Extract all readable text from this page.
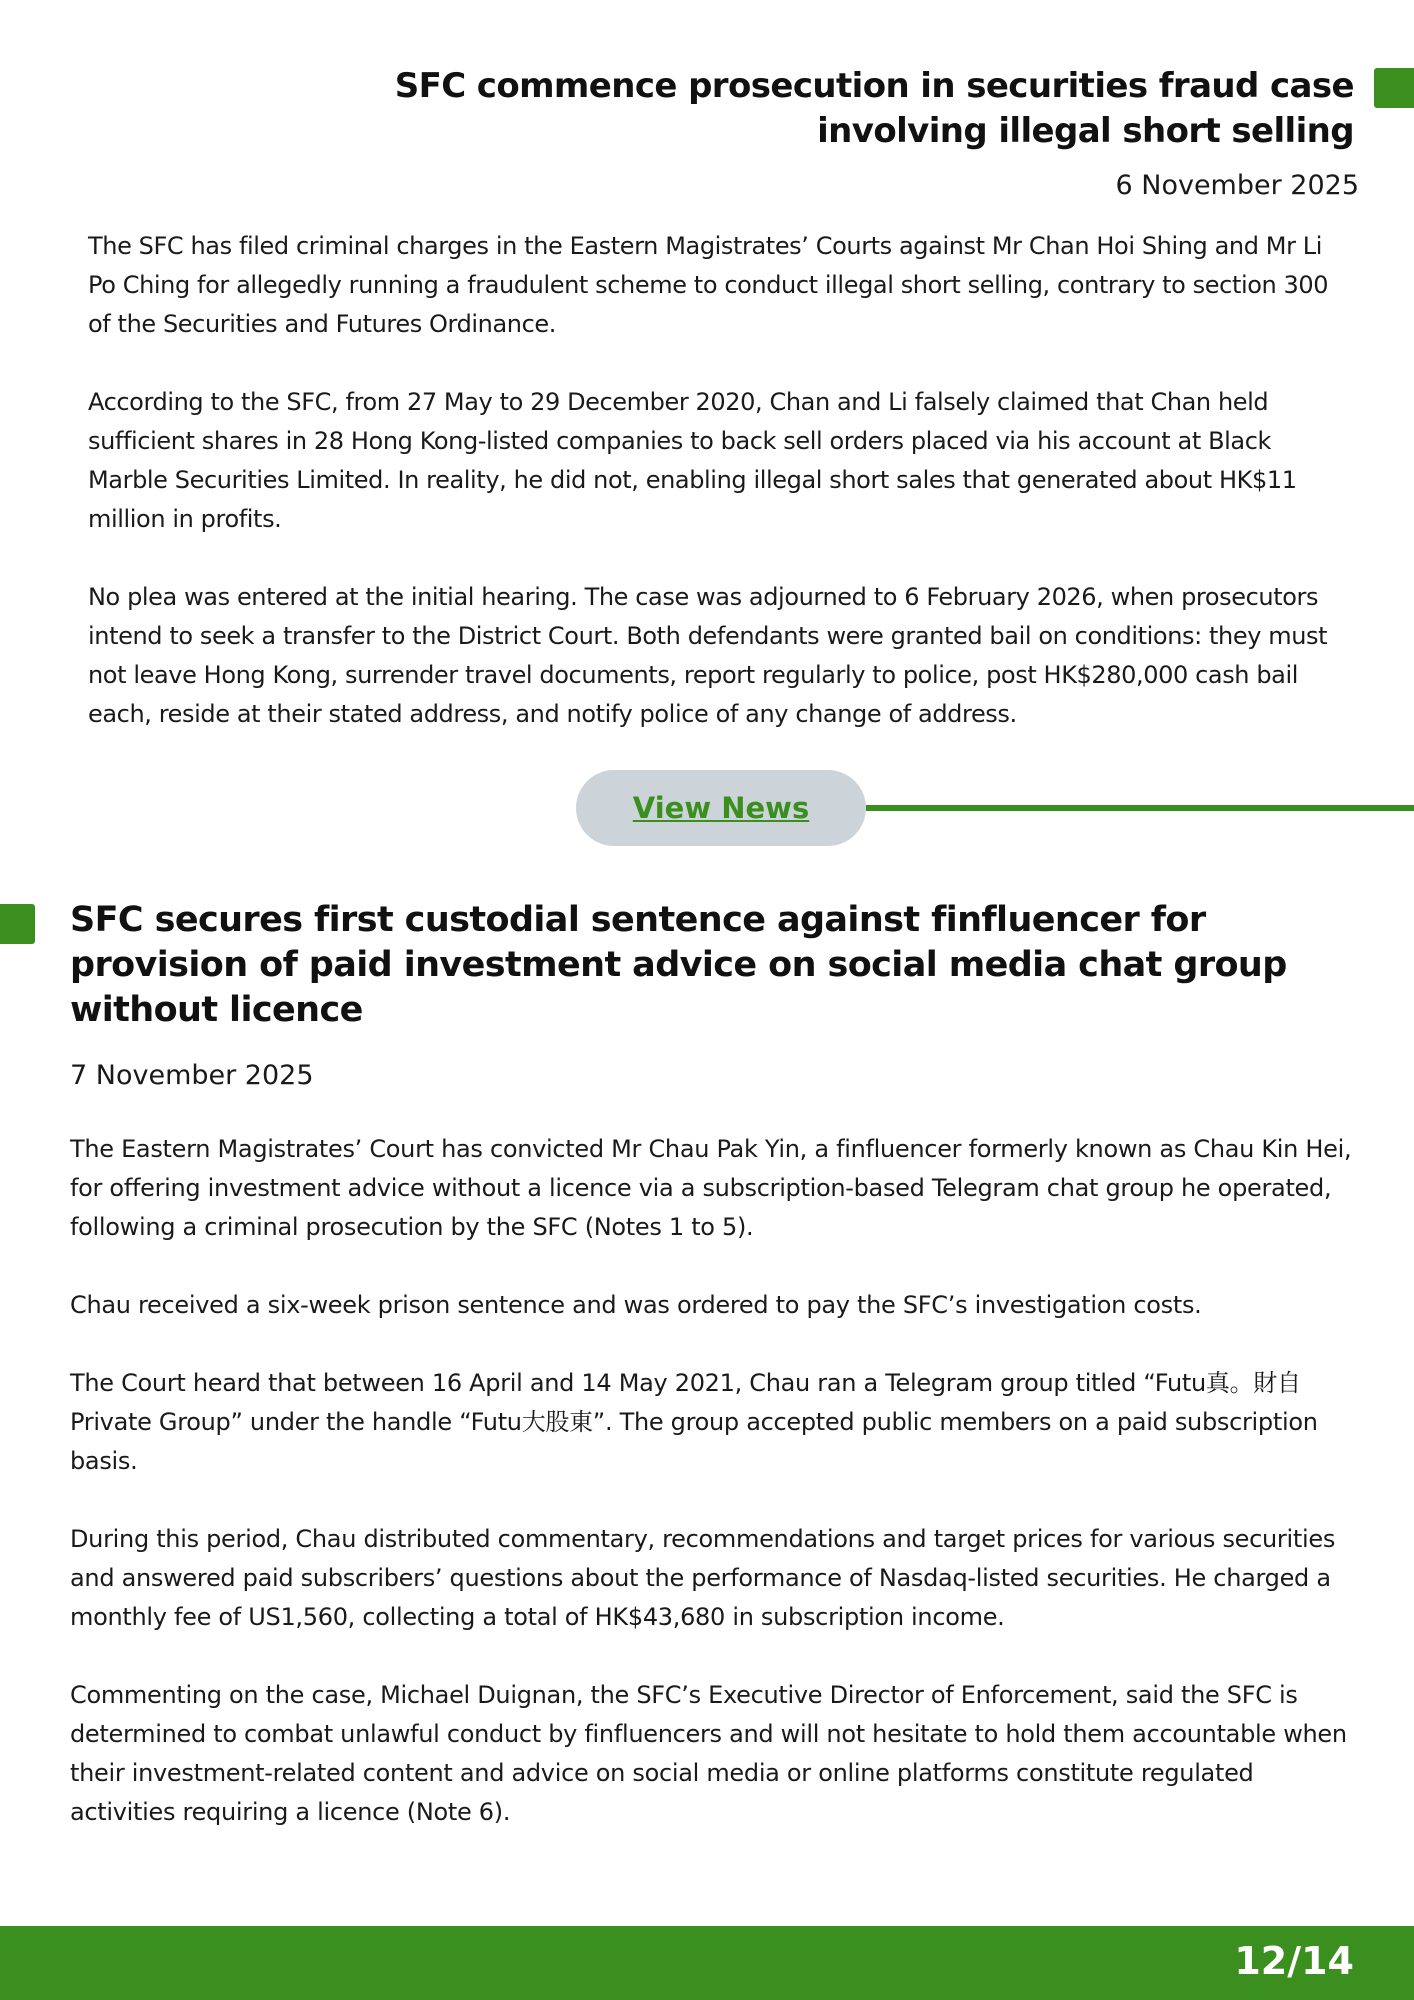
SFC commence prosecution in securities fraud case involving illegal short selling
6 November 2025

The SFC has filed criminal charges in the Eastern Magistrates’ Courts against Mr Chan Hoi Shing and Mr Li Po Ching for allegedly running a fraudulent scheme to conduct illegal short selling, contrary to section 300 of the Securities and Futures Ordinance.

According to the SFC, from 27 May to 29 December 2020, Chan and Li falsely claimed that Chan held sufficient shares in 28 Hong Kong-listed companies to back sell orders placed via his account at Black Marble Securities Limited. In reality, he did not, enabling illegal short sales that generated about HK$11 million in profits.

No plea was entered at the initial hearing. The case was adjourned to 6 February 2026, when prosecutors intend to seek a transfer to the District Court. Both defendants were granted bail on conditions: they must not leave Hong Kong, surrender travel documents, report regularly to police, post HK$280,000 cash bail each, reside at their stated address, and notify police of any change of address.

View News
SFC secures first custodial sentence against finfluencer for provision of paid investment advice on social media chat group without licence
7 November 2025

The Eastern Magistrates’ Court has convicted Mr Chau Pak Yin, a finfluencer formerly known as Chau Kin Hei, for offering investment advice without a licence via a subscription-based Telegram chat group he operated, following a criminal prosecution by the SFC (Notes 1 to 5).

Chau received a six-week prison sentence and was ordered to pay the SFC’s investigation costs.

The Court heard that between 16 April and 14 May 2021, Chau ran a Telegram group titled “Futu真。財自Private Group” under the handle “Futu大股東”. The group accepted public members on a paid subscription basis.

During this period, Chau distributed commentary, recommendations and target prices for various securities and answered paid subscribers’ questions about the performance of Nasdaq-listed securities. He charged a monthly fee of US1,560, collecting a total of HK$43,680 in subscription income.

Commenting on the case, Michael Duignan, the SFC’s Executive Director of Enforcement, said the SFC is determined to combat unlawful conduct by finfluencers and will not hesitate to hold them accountable when their investment-related content and advice on social media or online platforms constitute regulated activities requiring a licence (Note 6).

12/14
